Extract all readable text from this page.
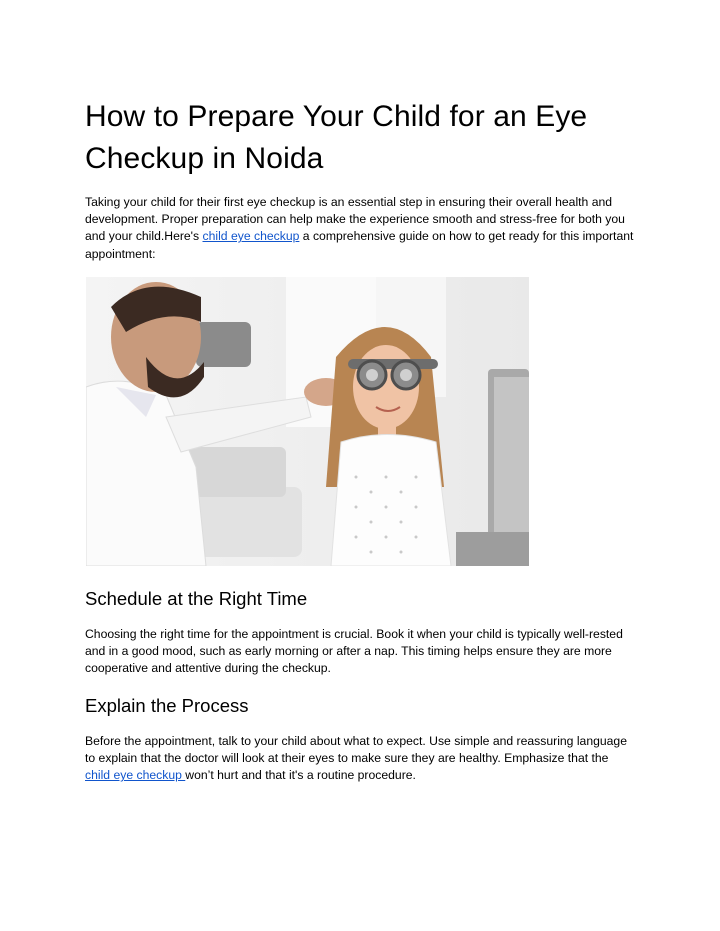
How to Prepare Your Child for an Eye Checkup in Noida

Taking your child for their first eye checkup is an essential step in ensuring their overall health and development. Proper preparation can help make the experience smooth and stress-free for both you and your child.Here's child eye checkup a comprehensive guide on how to get ready for this important appointment:

Schedule at the Right Time

Choosing the right time for the appointment is crucial. Book it when your child is typically well-rested and in a good mood, such as early morning or after a nap. This timing helps ensure they are more cooperative and attentive during the checkup.

Explain the Process

Before the appointment, talk to your child about what to expect. Use simple and reassuring language to explain that the doctor will look at their eyes to make sure they are healthy. Emphasize that the child eye checkup won’t hurt and that it's a routine procedure.
